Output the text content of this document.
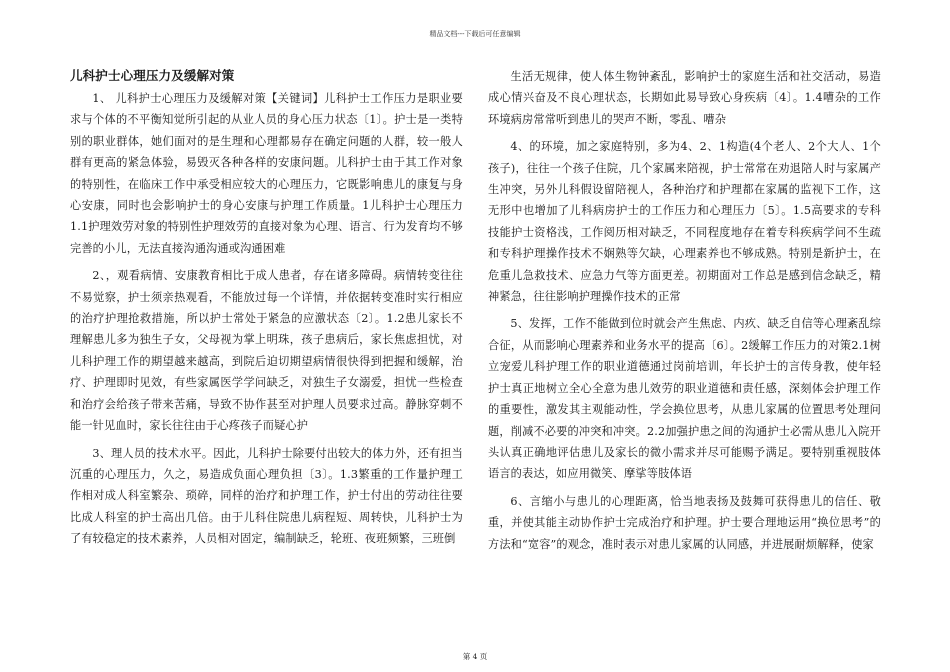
精品文档---下载后可任意编辑
儿科护士心理压力及缓解对策

1、 儿科护士心理压力及缓解对策【关键词】儿科护士工作压力是职业要求与个体的不平衡知觉所引起的从业人员的身心压力状态〔1〕。护士是一类特别的职业群体，她们面对的是生理和心理都易存在确定问题的人群，较一般人群有更高的紧急体验，易毁灭各种各样的安康问题。儿科护士由于其工作对象的特别性，在临床工作中承受相应较大的心理压力，它既影响患儿的康复与身心安康，同时也会影响护士的身心安康与护理工作质量。1儿科护士心理压力1.1护理效劳对象的特别性护理效劳的直接对象为心理、语言、行为发育均不够完善的小儿，无法直接沟通沟通或沟通困难

2、，观看病情、安康教育相比于成人患者，存在诸多障碍。病情转变往往不易觉察，护士须亲热观看，不能放过每一个详情，并依据转变准时实行相应的治疗护理抢救措施，所以护士常处于紧急的应激状态〔2〕。1.2患儿家长不理解患儿多为独生子女，父母视为掌上明珠，孩子患病后，家长焦虑担忧，对儿科护理工作的期望越来越高，到院后迫切期望病情很快得到把握和缓解，治疗、护理即时见效，有些家属医学学问缺乏，对独生子女溺爱，担忧一些检查和治疗会给孩子带来苦痛，导致不协作甚至对护理人员要求过高。静脉穿刺不能一针见血时，家长往往由于心疼孩子而疑心护

3、理人员的技术水平。因此，儿科护士除要付出较大的体力外，还有担当沉重的心理压力，久之，易造成负面心理负担〔3〕。1.3繁重的工作量护理工作相对成人科室繁杂、琐碎，同样的治疗和护理工作，护士付出的劳动往往要比成人科室的护士高出几倍。由于儿科住院患儿病程短、周转快，儿科护士为了有较稳定的技术素养，人员相对固定，编制缺乏，轮班、夜班频繁，三班倒

生活无规律，使人体生物钟紊乱，影响护士的家庭生活和社交活动，易造成心情兴奋及不良心理状态，长期如此易导致心身疾病〔4〕。1.4嘈杂的工作环境病房常常听到患儿的哭声不断，零乱、嘈杂

4、的环境，加之家庭特别，多为4、2、1构造(4个老人、2个大人、1个孩子)，往往一个孩子住院，几个家属来陪视，护士常常在劝退陪人时与家属产生冲突，另外儿科假设留陪视人，各种治疗和护理都在家属的监视下工作，这无形中也增加了儿科病房护士的工作压力和心理压力〔5〕。1.5高要求的专科技能护士资格浅，工作阅历相对缺乏，不同程度地存在着专科疾病学问不生疏和专科护理操作技术不娴熟等欠缺，心理素养也不够成熟。特别是新护士，在危重儿急救技术、应急力气等方面更差。初期面对工作总是感到信念缺乏，精神紧急，往往影响护理操作技术的正常

5、发挥，工作不能做到位时就会产生焦虑、内疚、缺乏自信等心理紊乱综合征，从而影响心理素养和业务水平的提高〔6〕。2缓解工作压力的对策2.1树立宠爱儿科护理工作的职业道德通过岗前培训，年长护士的言传身教，使年轻护士真正地树立全心全意为患儿效劳的职业道德和责任感，深刻体会护理工作的重要性，激发其主观能动性，学会换位思考，从患儿家属的位置思考处理问题，削减不必要的冲突和冲突。2.2加强护患之间的沟通护士必需从患儿入院开头认真正确地评估患儿及家长的微小需求并尽可能赐予满足。要特别重视肢体语言的表达，如应用微笑、摩挲等肢体语

6、言缩小与患儿的心理距离，恰当地表扬及鼓舞可获得患儿的信任、敬重，并使其能主动协作护士完成治疗和护理。护士要合理地运用“换位思考”的方法和“宽容”的观念，准时表示对患儿家属的认同感，并进展耐烦解释，使家

第 4 页
